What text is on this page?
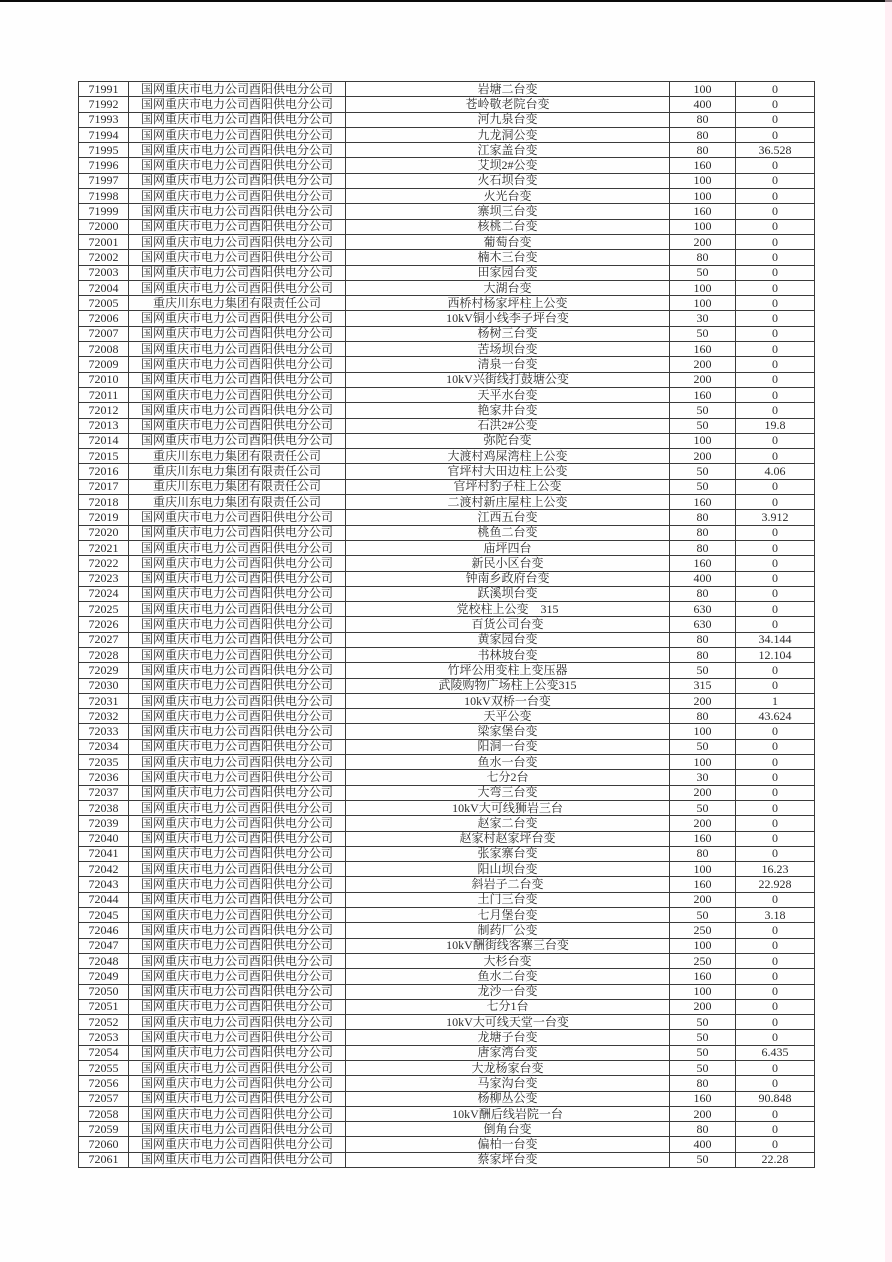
71991	国网重庆市电力公司酉阳供电分公司	岩塘二台变	100	0
71992	国网重庆市电力公司酉阳供电分公司	苍岭敬老院台变	400	0
71993	国网重庆市电力公司酉阳供电分公司	河九泉台变	80	0
71994	国网重庆市电力公司酉阳供电分公司	九龙洞公变	80	0
71995	国网重庆市电力公司酉阳供电分公司	江家盖台变	80	36.528
71996	国网重庆市电力公司酉阳供电分公司	艾坝2#公变	160	0
71997	国网重庆市电力公司酉阳供电分公司	火石坝台变	100	0
71998	国网重庆市电力公司酉阳供电分公司	火光台变	100	0
71999	国网重庆市电力公司酉阳供电分公司	寨坝三台变	160	0
72000	国网重庆市电力公司酉阳供电分公司	核桃二台变	100	0
72001	国网重庆市电力公司酉阳供电分公司	葡萄台变	200	0
72002	国网重庆市电力公司酉阳供电分公司	楠木三台变	80	0
72003	国网重庆市电力公司酉阳供电分公司	田家园台变	50	0
72004	国网重庆市电力公司酉阳供电分公司	大湖台变	100	0
72005	重庆川东电力集团有限责任公司	西桥村杨家坪柱上公变	100	0
72006	国网重庆市电力公司酉阳供电分公司	10kV铜小线李子坪台变	30	0
72007	国网重庆市电力公司酉阳供电分公司	杨树三台变	50	0
72008	国网重庆市电力公司酉阳供电分公司	苦场坝台变	160	0
72009	国网重庆市电力公司酉阳供电分公司	清泉一台变	200	0
72010	国网重庆市电力公司酉阳供电分公司	10kV兴街线打鼓塘公变	200	0
72011	国网重庆市电力公司酉阳供电分公司	天平水台变	160	0
72012	国网重庆市电力公司酉阳供电分公司	艳家井台变	50	0
72013	国网重庆市电力公司酉阳供电分公司	石洪2#公变	50	19.8
72014	国网重庆市电力公司酉阳供电分公司	弥陀台变	100	0
72015	重庆川东电力集团有限责任公司	大渡村鸡屎湾柱上公变	200	0
72016	重庆川东电力集团有限责任公司	官坪村大田边柱上公变	50	4.06
72017	重庆川东电力集团有限责任公司	官坪村豹子柱上公变	50	0
72018	重庆川东电力集团有限责任公司	二渡村新庄屋柱上公变	160	0
72019	国网重庆市电力公司酉阳供电分公司	江西五台变	80	3.912
72020	国网重庆市电力公司酉阳供电分公司	桃鱼二台变	80	0
72021	国网重庆市电力公司酉阳供电分公司	庙坪四台	80	0
72022	国网重庆市电力公司酉阳供电分公司	新民小区台变	160	0
72023	国网重庆市电力公司酉阳供电分公司	钟南乡政府台变	400	0
72024	国网重庆市电力公司酉阳供电分公司	跃溪坝台变	80	0
72025	国网重庆市电力公司酉阳供电分公司	党校柱上公变　315	630	0
72026	国网重庆市电力公司酉阳供电分公司	百货公司台变	630	0
72027	国网重庆市电力公司酉阳供电分公司	黄家园台变	80	34.144
72028	国网重庆市电力公司酉阳供电分公司	书林坡台变	80	12.104
72029	国网重庆市电力公司酉阳供电分公司	竹坪公用变柱上变压器	50	0
72030	国网重庆市电力公司酉阳供电分公司	武陵购物广场柱上公变315	315	0
72031	国网重庆市电力公司酉阳供电分公司	10kV双桥一台变	200	1
72032	国网重庆市电力公司酉阳供电分公司	天平公变	80	43.624
72033	国网重庆市电力公司酉阳供电分公司	梁家堡台变	100	0
72034	国网重庆市电力公司酉阳供电分公司	阳洞一台变	50	0
72035	国网重庆市电力公司酉阳供电分公司	鱼水一台变	100	0
72036	国网重庆市电力公司酉阳供电分公司	七分2台	30	0
72037	国网重庆市电力公司酉阳供电分公司	大弯三台变	200	0
72038	国网重庆市电力公司酉阳供电分公司	10kV大可线狮岩三台	50	0
72039	国网重庆市电力公司酉阳供电分公司	赵家二台变	200	0
72040	国网重庆市电力公司酉阳供电分公司	赵家村赵家坪台变	160	0
72041	国网重庆市电力公司酉阳供电分公司	张家寨台变	80	0
72042	国网重庆市电力公司酉阳供电分公司	阳山坝台变	100	16.23
72043	国网重庆市电力公司酉阳供电分公司	斜岩子二台变	160	22.928
72044	国网重庆市电力公司酉阳供电分公司	土门三台变	200	0
72045	国网重庆市电力公司酉阳供电分公司	七月堡台变	50	3.18
72046	国网重庆市电力公司酉阳供电分公司	制药厂公变	250	0
72047	国网重庆市电力公司酉阳供电分公司	10kV酬街线客寨三台变	100	0
72048	国网重庆市电力公司酉阳供电分公司	大杉台变	250	0
72049	国网重庆市电力公司酉阳供电分公司	鱼水二台变	160	0
72050	国网重庆市电力公司酉阳供电分公司	龙沙一台变	100	0
72051	国网重庆市电力公司酉阳供电分公司	七分1台	200	0
72052	国网重庆市电力公司酉阳供电分公司	10kV大可线天堂一台变	50	0
72053	国网重庆市电力公司酉阳供电分公司	龙塘子台变	50	0
72054	国网重庆市电力公司酉阳供电分公司	唐家湾台变	50	6.435
72055	国网重庆市电力公司酉阳供电分公司	大龙杨家台变	50	0
72056	国网重庆市电力公司酉阳供电分公司	马家沟台变	80	0
72057	国网重庆市电力公司酉阳供电分公司	杨柳丛公变	160	90.848
72058	国网重庆市电力公司酉阳供电分公司	10kV酬后线岩院一台	200	0
72059	国网重庆市电力公司酉阳供电分公司	倒角台变	80	0
72060	国网重庆市电力公司酉阳供电分公司	偏柏一台变	400	0
72061	国网重庆市电力公司酉阳供电分公司	蔡家坪台变	50	22.28
